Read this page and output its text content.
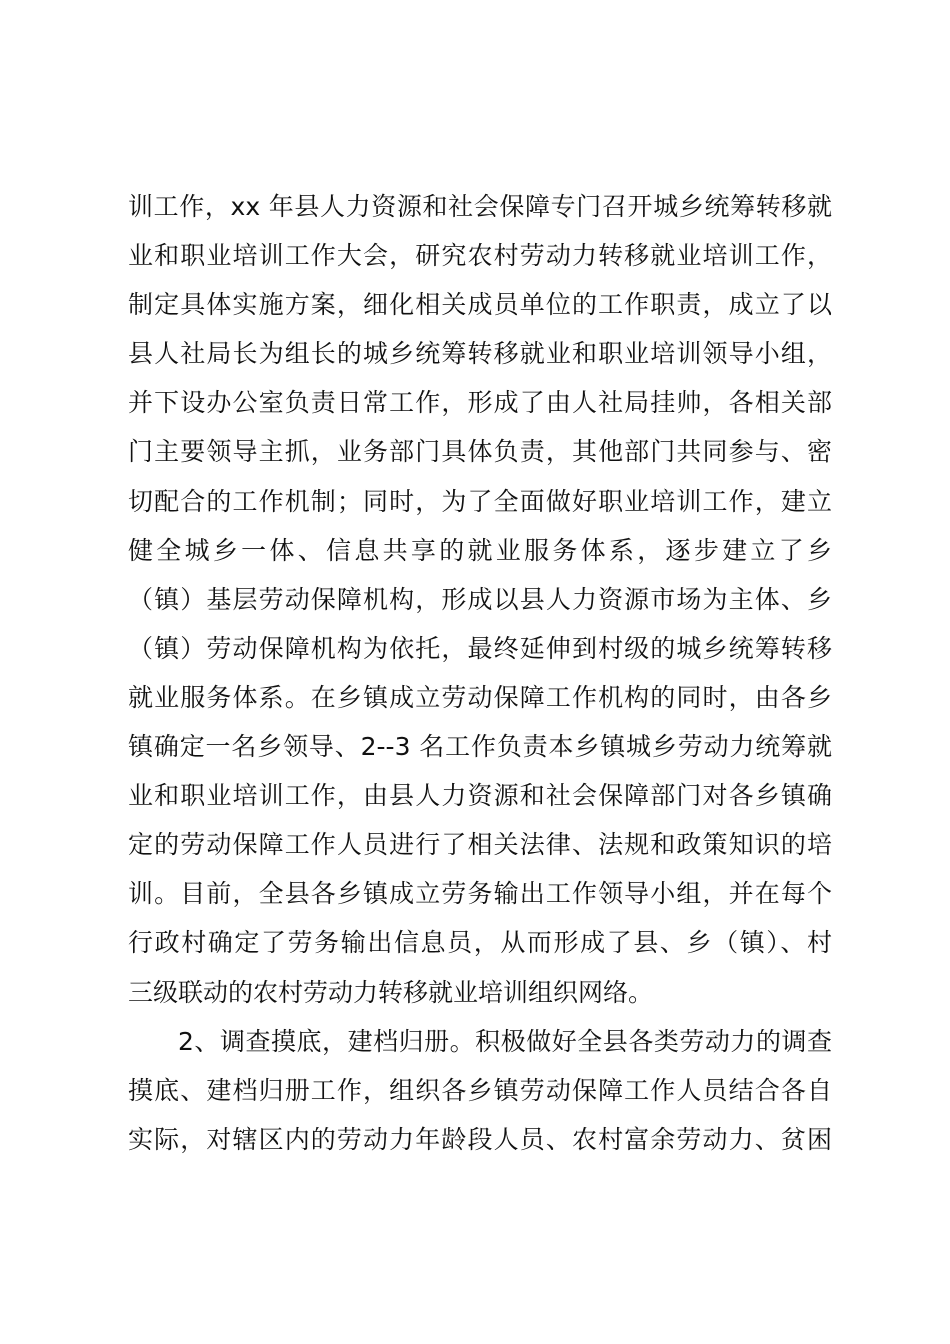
训工作，xx 年县人力资源和社会保障专门召开城乡统筹转移就
业和职业培训工作大会，研究农村劳动力转移就业培训工作，
制定具体实施方案，细化相关成员单位的工作职责，成立了以
县人社局长为组长的城乡统筹转移就业和职业培训领导小组，
并下设办公室负责日常工作，形成了由人社局挂帅，各相关部
门主要领导主抓，业务部门具体负责，其他部门共同参与、密
切配合的工作机制；同时，为了全面做好职业培训工作，建立
健全城乡一体、信息共享的就业服务体系，逐步建立了乡
（镇）基层劳动保障机构，形成以县人力资源市场为主体、乡
（镇）劳动保障机构为依托，最终延伸到村级的城乡统筹转移
就业服务体系。在乡镇成立劳动保障工作机构的同时，由各乡
镇确定一名乡领导、2--3 名工作负责本乡镇城乡劳动力统筹就
业和职业培训工作，由县人力资源和社会保障部门对各乡镇确
定的劳动保障工作人员进行了相关法律、法规和政策知识的培
训。目前，全县各乡镇成立劳务输出工作领导小组，并在每个
行政村确定了劳务输出信息员，从而形成了县、乡（镇）、村
三级联动的农村劳动力转移就业培训组织网络。
2、调查摸底，建档归册。积极做好全县各类劳动力的调查
摸底、建档归册工作，组织各乡镇劳动保障工作人员结合各自
实际，对辖区内的劳动力年龄段人员、农村富余劳动力、贫困
